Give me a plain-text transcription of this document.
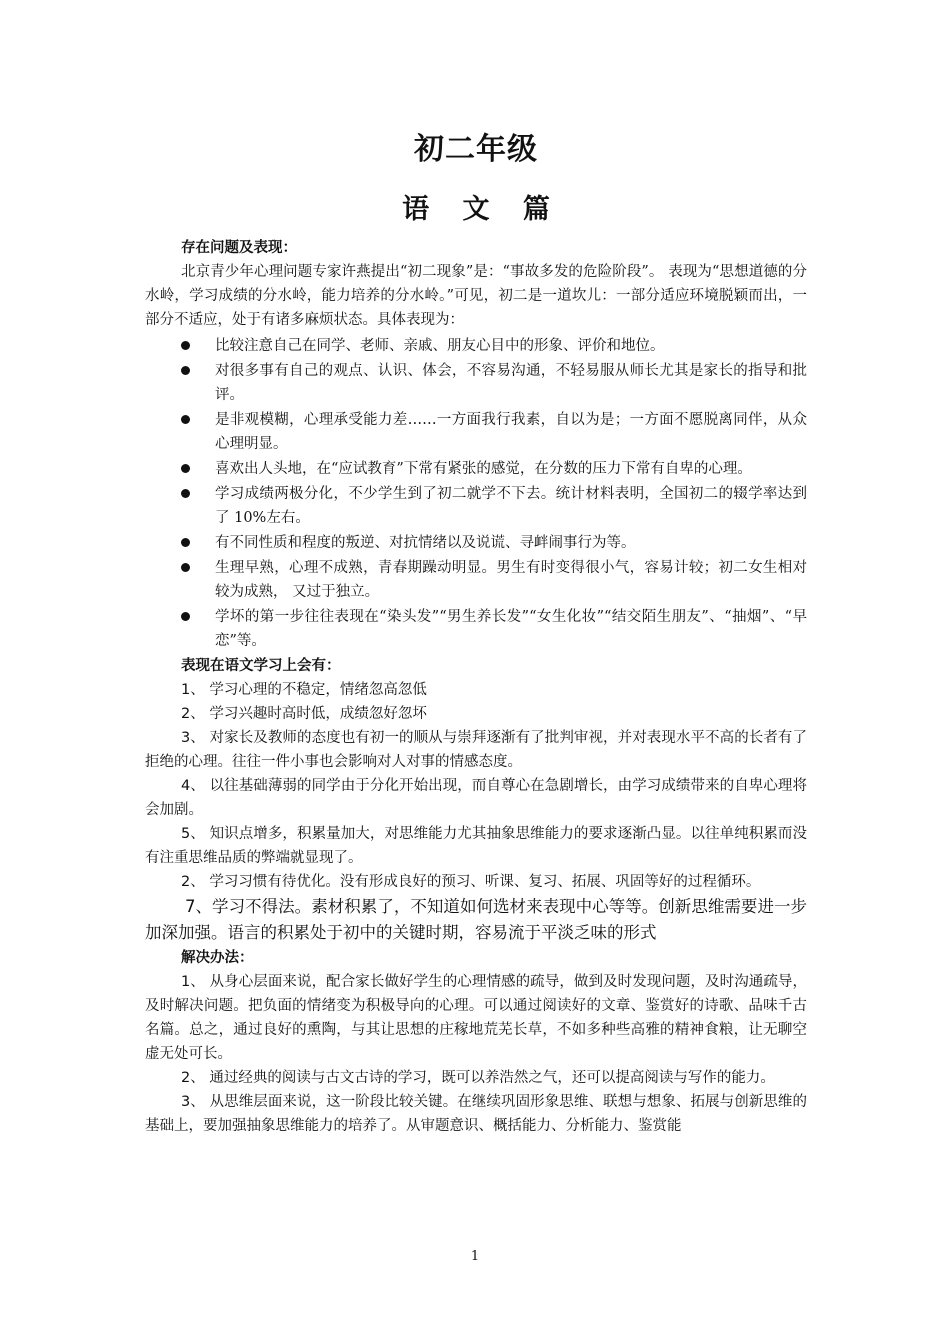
初二年级
语 文 篇

存在问题及表现：

北京青少年心理问题专家许燕提出“初二现象”是：“事故多发的危险阶段”。 表现为“思想道德的分水岭，学习成绩的分水岭，能力培养的分水岭。”可见，初二是一道坎儿：一部分适应环境脱颖而出，一部分不适应，处于有诸多麻烦状态。具体表现为：

比较注意自己在同学、老师、亲戚、朋友心目中的形象、评价和地位。
对很多事有自己的观点、认识、体会，不容易沟通，不轻易服从师长尤其是家长的指导和批评。
是非观模糊，心理承受能力差……一方面我行我素，自以为是；一方面不愿脱离同伴，从众心理明显。
喜欢出人头地，在“应试教育”下常有紧张的感觉，在分数的压力下常有自卑的心理。
学习成绩两极分化，不少学生到了初二就学不下去。统计材料表明，全国初二的辍学率达到了 10%左右。
有不同性质和程度的叛逆、对抗情绪以及说谎、寻衅闹事行为等。
生理早熟，心理不成熟，青春期躁动明显。男生有时变得很小气，容易计较；初二女生相对较为成熟， 又过于独立。
学坏的第一步往往表现在“染头发”“男生养长发”“女生化妆”“结交陌生朋友”、“抽烟”、“早恋”等。

表现在语文学习上会有：

1、 学习心理的不稳定，情绪忽高忽低

2、 学习兴趣时高时低，成绩忽好忽坏

3、 对家长及教师的态度也有初一的顺从与崇拜逐渐有了批判审视，并对表现水平不高的长者有了拒绝的心理。往往一件小事也会影响对人对事的情感态度。

4、 以往基础薄弱的同学由于分化开始出现，而自尊心在急剧增长，由学习成绩带来的自卑心理将会加剧。

5、 知识点增多，积累量加大，对思维能力尤其抽象思维能力的要求逐渐凸显。以往单纯积累而没有注重思维品质的弊端就显现了。

2、 学习习惯有待优化。没有形成良好的预习、听课、复习、拓展、巩固等好的过程循环。

7、学习不得法。素材积累了，不知道如何选材来表现中心等等。创新思维需要进一步加深加强。语言的积累处于初中的关键时期，容易流于平淡乏味的形式

解决办法：

1、 从身心层面来说，配合家长做好学生的心理情感的疏导，做到及时发现问题，及时沟通疏导，及时解决问题。把负面的情绪变为积极导向的心理。可以通过阅读好的文章、鉴赏好的诗歌、品味千古名篇。总之，通过良好的熏陶，与其让思想的庄稼地荒芜长草，不如多种些高雅的精神食粮，让无聊空虚无处可长。

2、 通过经典的阅读与古文古诗的学习，既可以养浩然之气，还可以提高阅读与写作的能力。

3、 从思维层面来说，这一阶段比较关键。在继续巩固形象思维、联想与想象、拓展与创新思维的基础上，要加强抽象思维能力的培养了。从审题意识、概括能力、分析能力、鉴赏能

1
